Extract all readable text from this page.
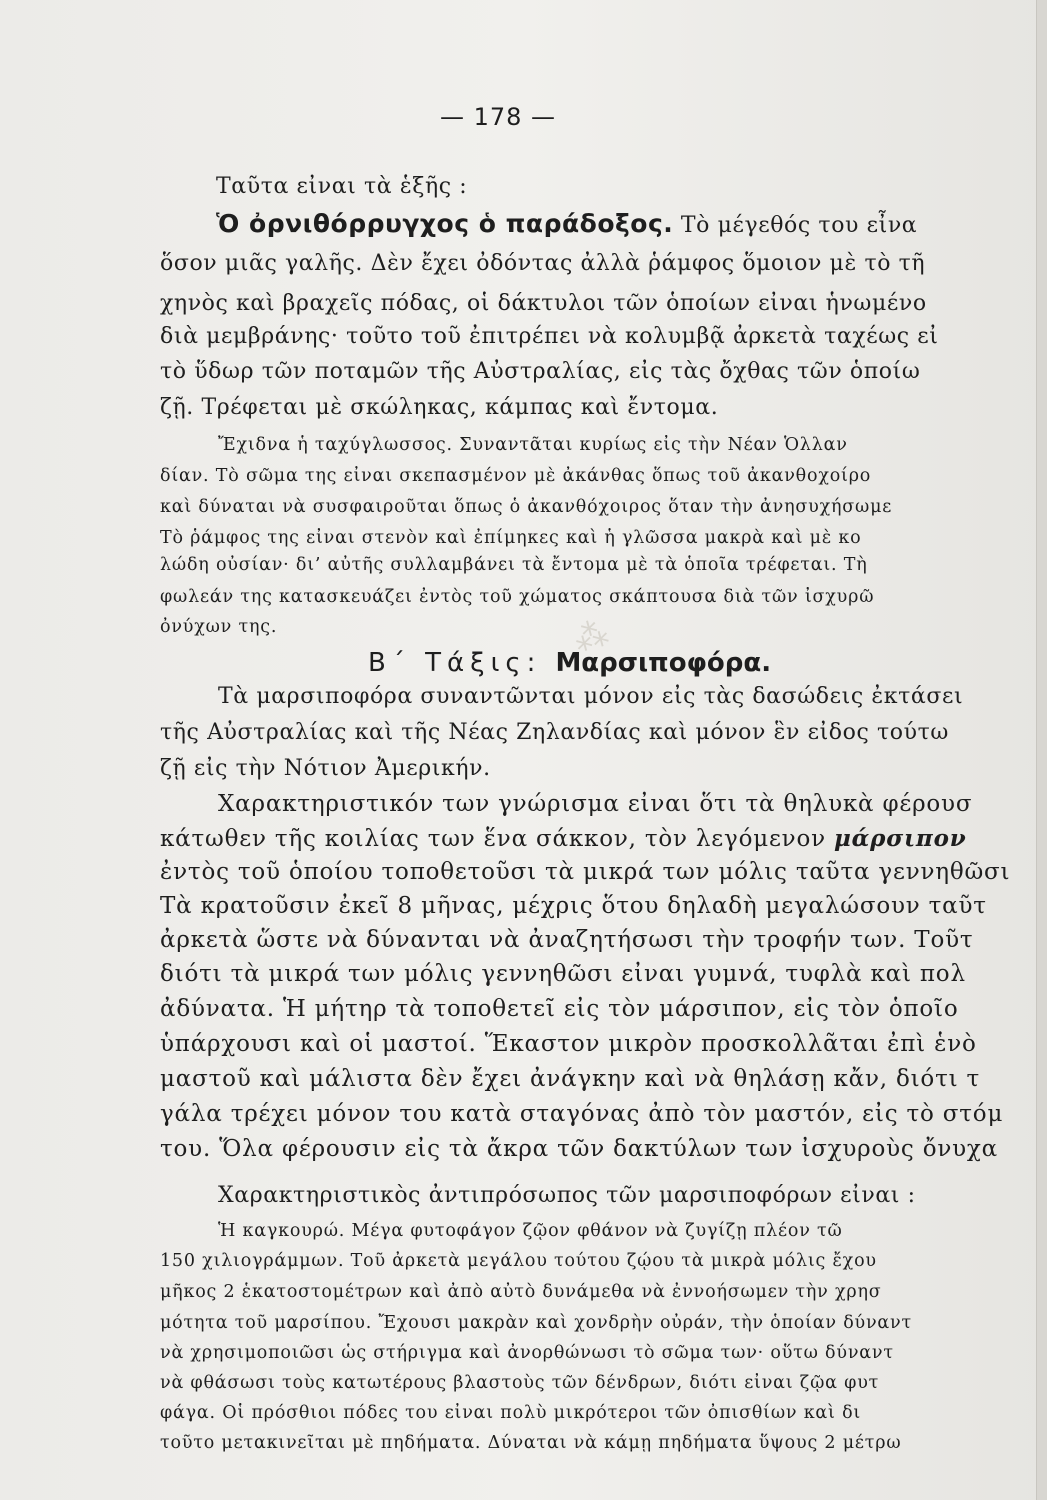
⁂
— 178 —
Ταῦτα εἶναι τὰ ἑξῆς :
Ὁ ὀρνιθόρρυγχος ὁ παράδοξος. Τὸ μέγεθός του εἶνα
ὅσον μιᾶς γαλῆς. Δὲν ἔχει ὀδόντας ἀλλὰ ῥάμφος ὅμοιον μὲ τὸ τῆ
χηνὸς καὶ βραχεῖς πόδας, οἱ δάκτυλοι τῶν ὁποίων εἶναι ἡνωμένο
διὰ μεμβράνης· τοῦτο τοῦ ἐπιτρέπει νὰ κολυμβᾷ ἀρκετὰ ταχέως εἰ
τὸ ὕδωρ τῶν ποταμῶν τῆς Αὐστραλίας, εἰς τὰς ὄχθας τῶν ὁποίω
ζῇ. Τρέφεται μὲ σκώληκας, κάμπας καὶ ἔντομα.
Ἔχιδνα ἡ ταχύγλωσσος. Συναντᾶται κυρίως εἰς τὴν Νέαν Ὁλλαν
δίαν. Τὸ σῶμα της εἶναι σκεπασμένον μὲ ἀκάνθας ὅπως τοῦ ἀκανθοχοίρο
καὶ δύναται νὰ συσφαιροῦται ὅπως ὁ ἀκανθόχοιρος ὅταν τὴν ἀνησυχήσωμε
Τὸ ῥάμφος της εἶναι στενὸν καὶ ἐπίμηκες καὶ ἡ γλῶσσα μακρὰ καὶ μὲ κο
λώδη οὐσίαν· δι’ αὐτῆς συλλαμβάνει τὰ ἔντομα μὲ τὰ ὁποῖα τρέφεται. Τὴ
φωλεάν της κατασκευάζει ἐντὸς τοῦ χώματος σκάπτουσα διὰ τῶν ἰσχυρῶ
ὀνύχων της.
Β΄ Τάξις: Μαρσιποφόρα.
Τὰ μαρσιποφόρα συναντῶνται μόνον εἰς τὰς δασώδεις ἐκτάσει
τῆς Αὐστραλίας καὶ τῆς Νέας Ζηλανδίας καὶ μόνον ἓν εἶδος τούτω
ζῇ εἰς τὴν Νότιον Ἀμερικήν.
Χαρακτηριστικόν των γνώρισμα εἶναι ὅτι τὰ θηλυκὰ φέρουσ
κάτωθεν τῆς κοιλίας των ἕνα σάκκον, τὸν λεγόμενον μάρσιπον
ἐντὸς τοῦ ὁποίου τοποθετοῦσι τὰ μικρά των μόλις ταῦτα γεννηθῶσι
Τὰ κρατοῦσιν ἐκεῖ 8 μῆνας, μέχρις ὅτου δηλαδὴ μεγαλώσουν ταῦτ
ἀρκετὰ ὥστε νὰ δύνανται νὰ ἀναζητήσωσι τὴν τροφήν των. Τοῦτ
διότι τὰ μικρά των μόλις γεννηθῶσι εἶναι γυμνά, τυφλὰ καὶ πολ
ἀδύνατα. Ἡ μήτηρ τὰ τοποθετεῖ εἰς τὸν μάρσιπον, εἰς τὸν ὁποῖο
ὑπάρχουσι καὶ οἱ μαστοί. Ἕκαστον μικρὸν προσκολλᾶται ἐπὶ ἑνὸ
μαστοῦ καὶ μάλιστα δὲν ἔχει ἀνάγκην καὶ νὰ θηλάσῃ κἄν, διότι τ
γάλα τρέχει μόνον του κατὰ σταγόνας ἀπὸ τὸν μαστόν, εἰς τὸ στόμ
του. Ὅλα φέρουσιν εἰς τὰ ἄκρα τῶν δακτύλων των ἰσχυροὺς ὄνυχα
Χαρακτηριστικὸς ἀντιπρόσωπος τῶν μαρσιποφόρων εἶναι :
Ἡ καγκουρώ. Μέγα φυτοφάγον ζῷον φθάνον νὰ ζυγίζῃ πλέον τῶ
150 χιλιογράμμων. Τοῦ ἀρκετὰ μεγάλου τούτου ζῴου τὰ μικρὰ μόλις ἔχου
μῆκος 2 ἑκατοστομέτρων καὶ ἀπὸ αὐτὸ δυνάμεθα νὰ ἐννοήσωμεν τὴν χρησ
μότητα τοῦ μαρσίπου. Ἔχουσι μακρὰν καὶ χονδρὴν οὐράν, τὴν ὁποίαν δύναντ
νὰ χρησιμοποιῶσι ὡς στήριγμα καὶ ἀνορθώνωσι τὸ σῶμα των· οὕτω δύναντ
νὰ φθάσωσι τοὺς κατωτέρους βλαστοὺς τῶν δένδρων, διότι εἶναι ζῷα φυτ
φάγα. Οἱ πρόσθιοι πόδες του εἶναι πολὺ μικρότεροι τῶν ὀπισθίων καὶ δι
τοῦτο μετακινεῖται μὲ πηδήματα. Δύναται νὰ κάμῃ πηδήματα ὕψους 2 μέτρω
